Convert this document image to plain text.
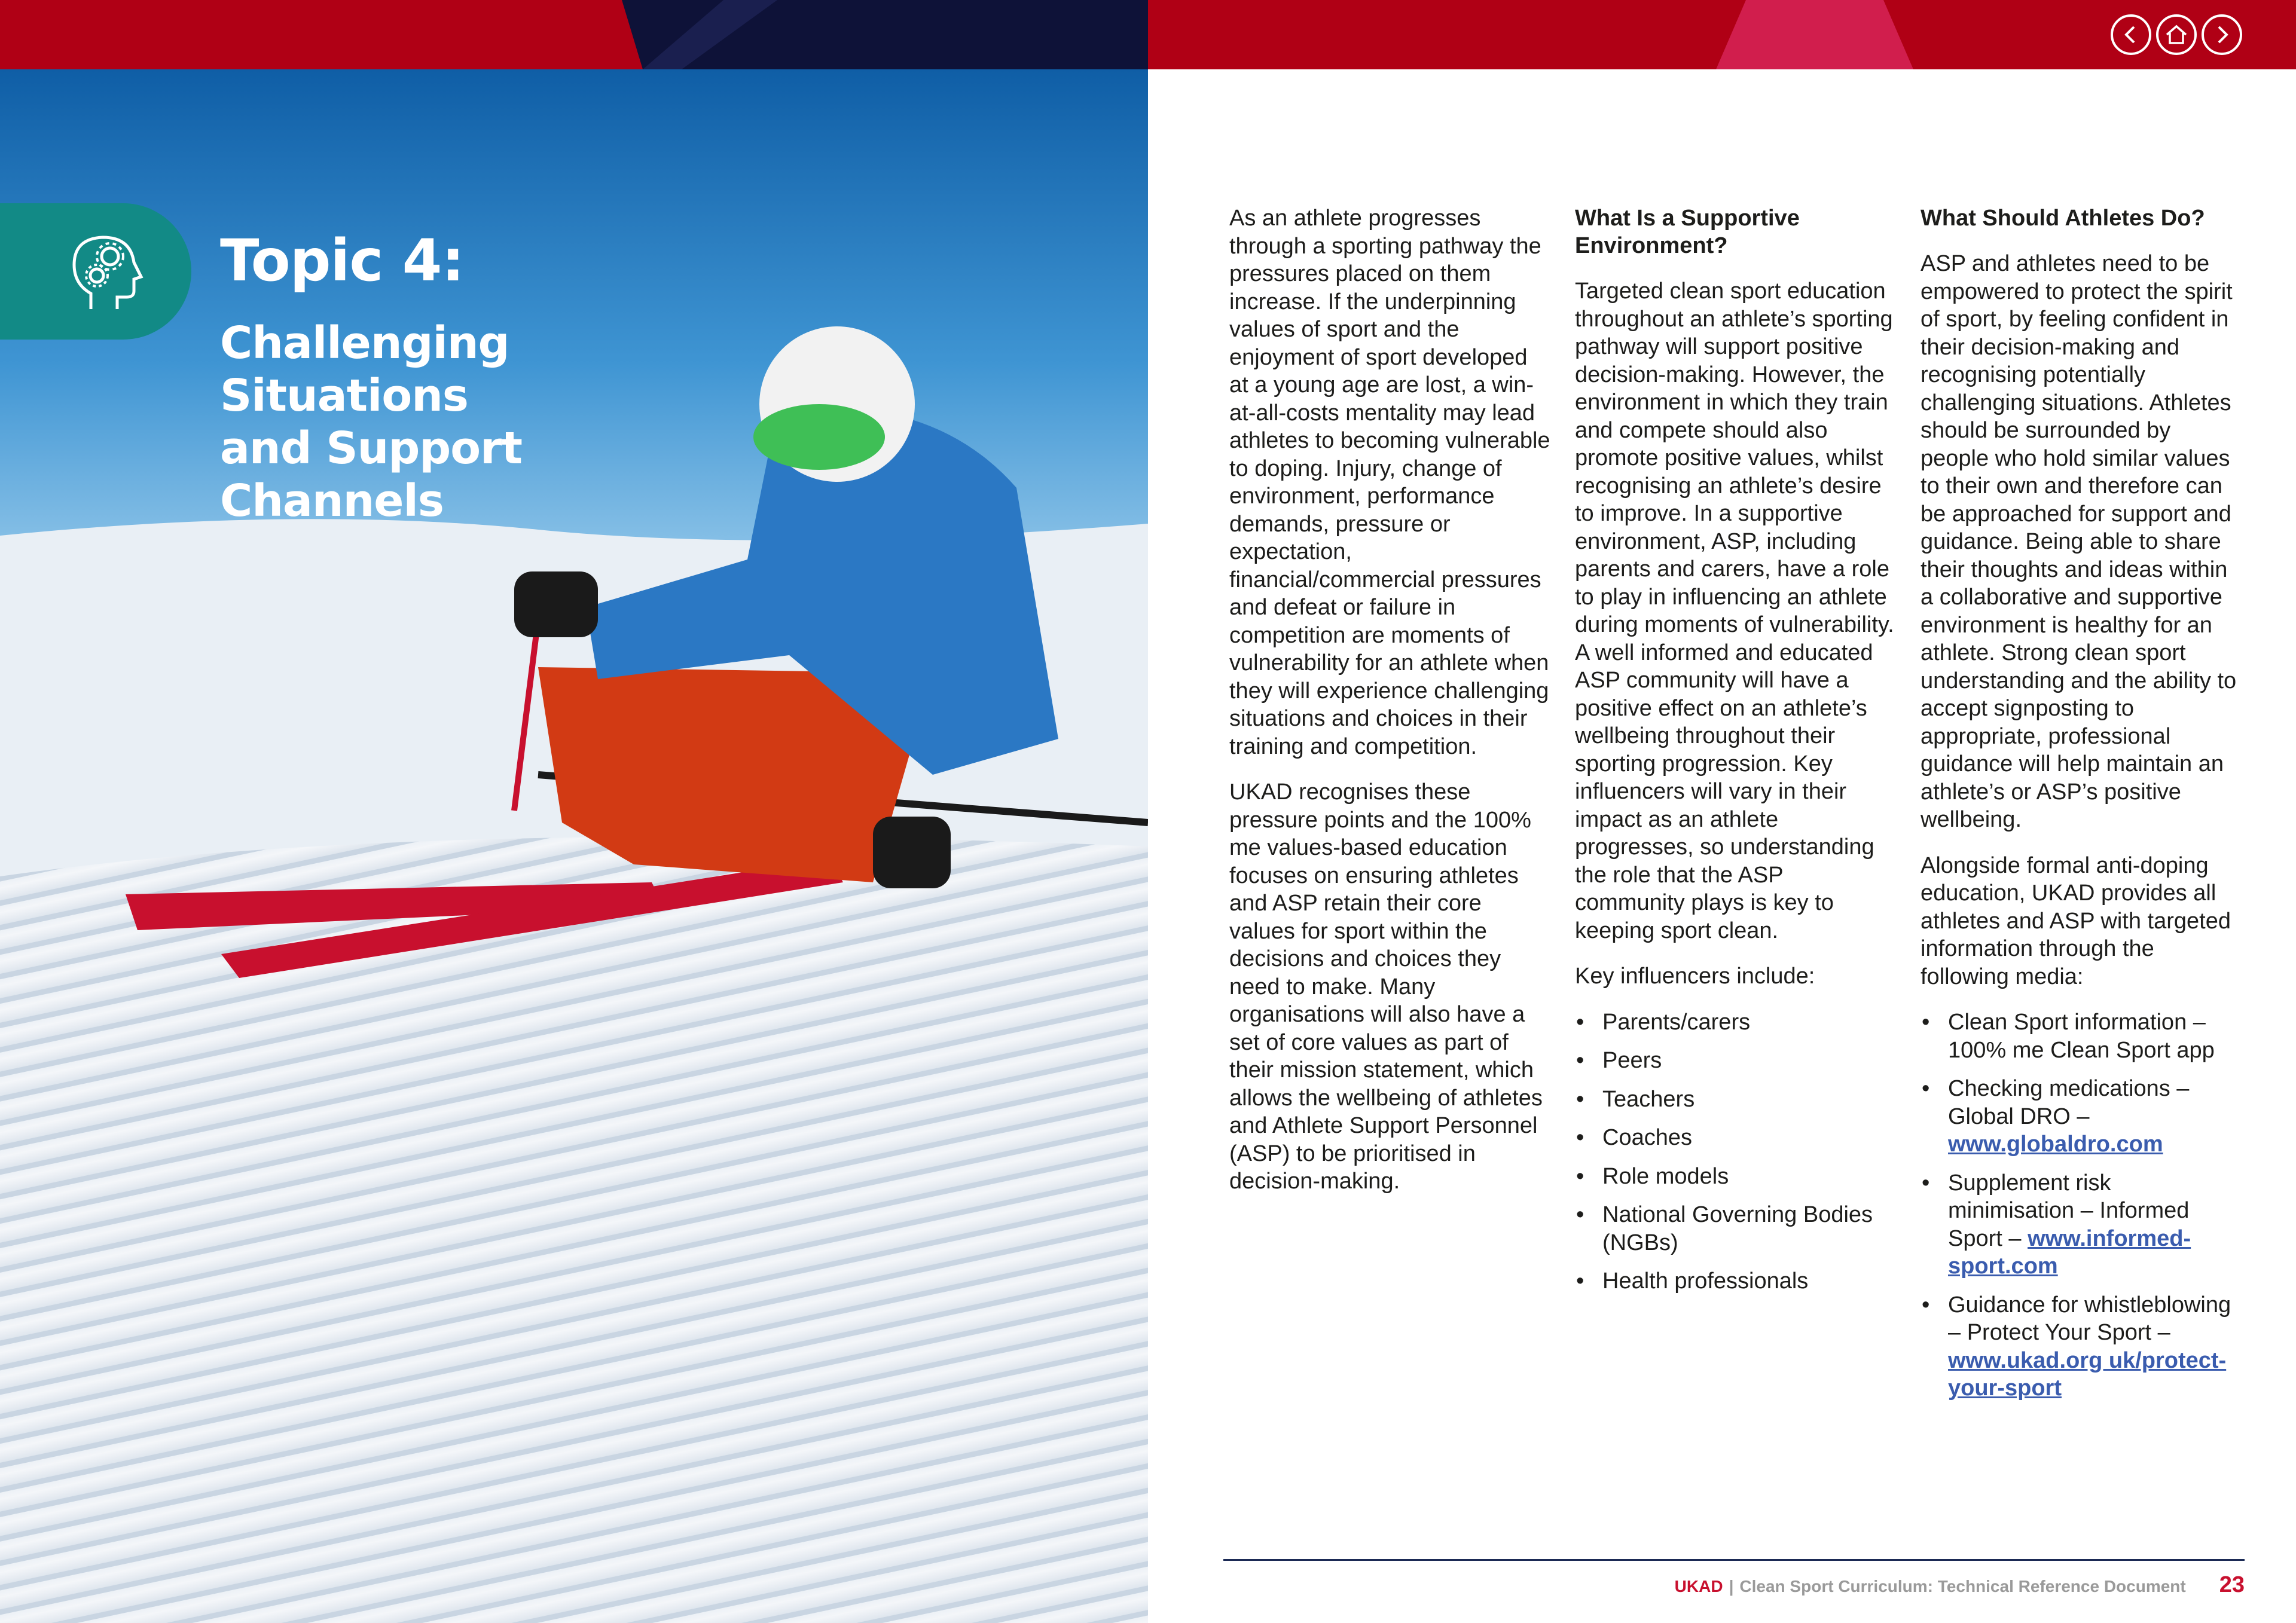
Topic 4:
Challenging Situations
and Support Channels

As an athlete progresses through a sporting pathway the pressures placed on them increase. If the underpinning values of sport and the enjoyment of sport developed at a young age are lost, a win-at-all-costs mentality may lead athletes to becoming vulnerable to doping. Injury, change of environment, performance demands, pressure or expectation, financial/commercial pressures and defeat or failure in competition are moments of vulnerability for an athlete when they will experience challenging situations and choices in their training and competition.

UKAD recognises these pressure points and the 100% me values-based education focuses on ensuring athletes and ASP retain their core values for sport within the decisions and choices they need to make. Many organisations will also have a set of core values as part of their mission statement, which allows the wellbeing of athletes and Athlete Support Personnel (ASP) to be prioritised in decision-making.

What Is a Supportive Environment?

Targeted clean sport education throughout an athlete’s sporting pathway will support positive decision-making. However, the environment in which they train and compete should also promote positive values, whilst recognising an athlete’s desire to improve. In a supportive environment, ASP, including parents and carers, have a role to play in influencing an athlete during moments of vulnerability. A well informed and educated ASP community will have a positive effect on an athlete’s wellbeing throughout their sporting progression. Key influencers will vary in their impact as an athlete progresses, so understanding the role that the ASP community plays is key to keeping sport clean.

Key influencers include:

• Parents/carers
• Peers
• Teachers
• Coaches
• Role models
• National Governing Bodies (NGBs)
• Health professionals
What Should Athletes Do?

ASP and athletes need to be empowered to protect the spirit of sport, by feeling confident in their decision-making and recognising potentially challenging situations. Athletes should be surrounded by people who hold similar values to their own and therefore can be approached for support and guidance. Being able to share their thoughts and ideas within a collaborative and supportive environment is healthy for an athlete. Strong clean sport understanding and the ability to accept signposting to appropriate, professional guidance will help maintain an athlete’s or ASP’s positive wellbeing.

Alongside formal anti-doping education, UKAD provides all athletes and ASP with targeted information through the following media:

• Clean Sport information – 100% me Clean Sport app
• Checking medications – Global DRO – www.globaldro.com
• Supplement risk minimisation – Informed Sport – www.informed-sport.com
• Guidance for whistleblowing – Protect Your Sport – www.ukad.org uk/protect-your-sport
UKAD | Clean Sport Curriculum: Technical Reference Document 23
